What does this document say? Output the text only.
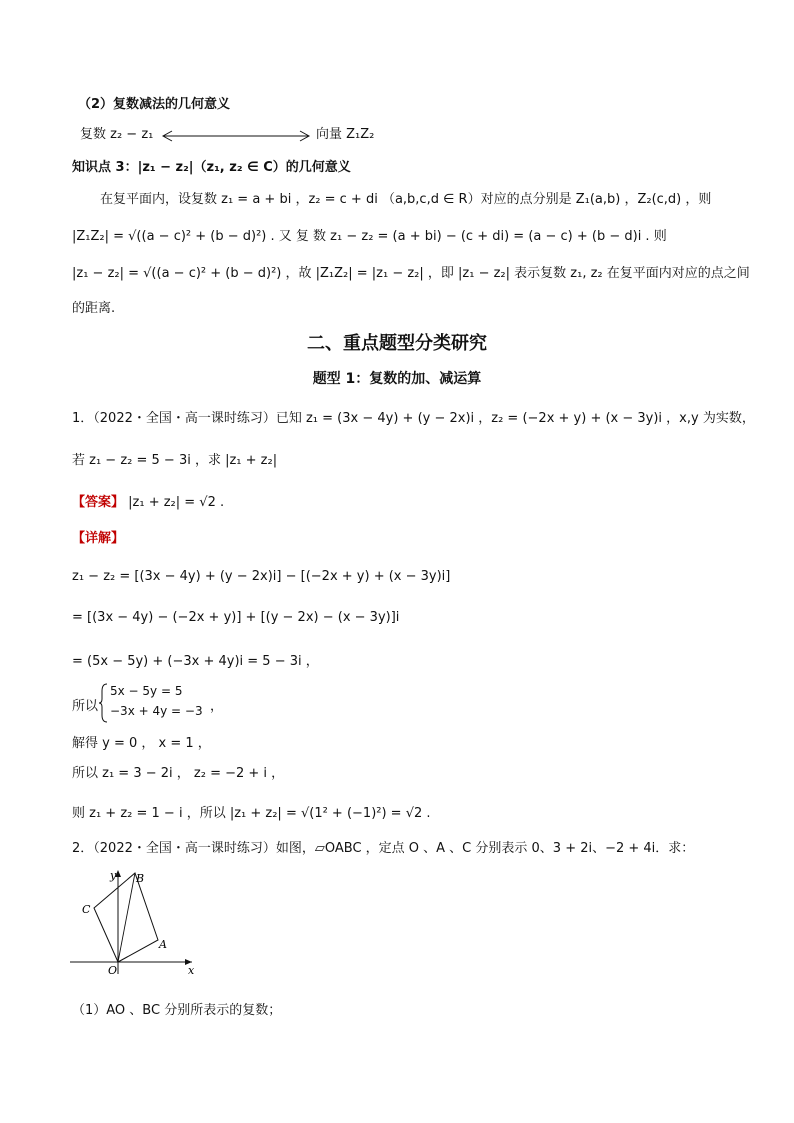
（2）复数减法的几何意义
复数 z₂ − z₁	向量 Z₁Z₂
知识点 3：|z₁ − z₂|（z₁, z₂ ∈ C）的几何意义
在复平面内，设复数 z₁ = a + bi ，z₂ = c + di （a,b,c,d ∈ R）对应的点分别是 Z₁(a,b) ，Z₂(c,d) ，则
|Z₁Z₂| = √((a − c)² + (b − d)²) . 又 复 数 z₁ − z₂ = (a + bi) − (c + di) = (a − c) + (b − d)i . 则
|z₁ − z₂| = √((a − c)² + (b − d)²) ，故 |Z₁Z₂| = |z₁ − z₂| ，即 |z₁ − z₂| 表示复数 z₁, z₂ 在复平面内对应的点之间
的距离.
二、重点题型分类研究
题型 1：复数的加、减运算
1．（2022・全国・高一课时练习）已知 z₁ = (3x − 4y) + (y − 2x)i ，z₂ = (−2x + y) + (x − 3y)i ，x,y 为实数，
若 z₁ − z₂ = 5 − 3i ，求 |z₁ + z₂|
【答案】 |z₁ + z₂| = √2 .
【详解】
z₁ − z₂ = [(3x − 4y) + (y − 2x)i] − [(−2x + y) + (x − 3y)i]
= [(3x − 4y) − (−2x + y)] + [(y − 2x) − (x − 3y)]i
= (5x − 5y) + (−3x + 4y)i = 5 − 3i ，
所以
5x − 5y = 5
−3x + 4y = −3 ，
解得 y = 0 ， x = 1 ，
所以 z₁ = 3 − 2i ， z₂ = −2 + i ，
则 z₁ + z₂ = 1 − i ，所以 |z₁ + z₂| = √(1² + (−1)²) = √2 .
2．（2022・全国・高一课时练习）如图，▱OABC ，定点 O 、A 、C 分别表示 0、3 + 2i、−2 + 4i．求：
x
y
O
A
B
C
（1）AO 、BC 分别所表示的复数；
